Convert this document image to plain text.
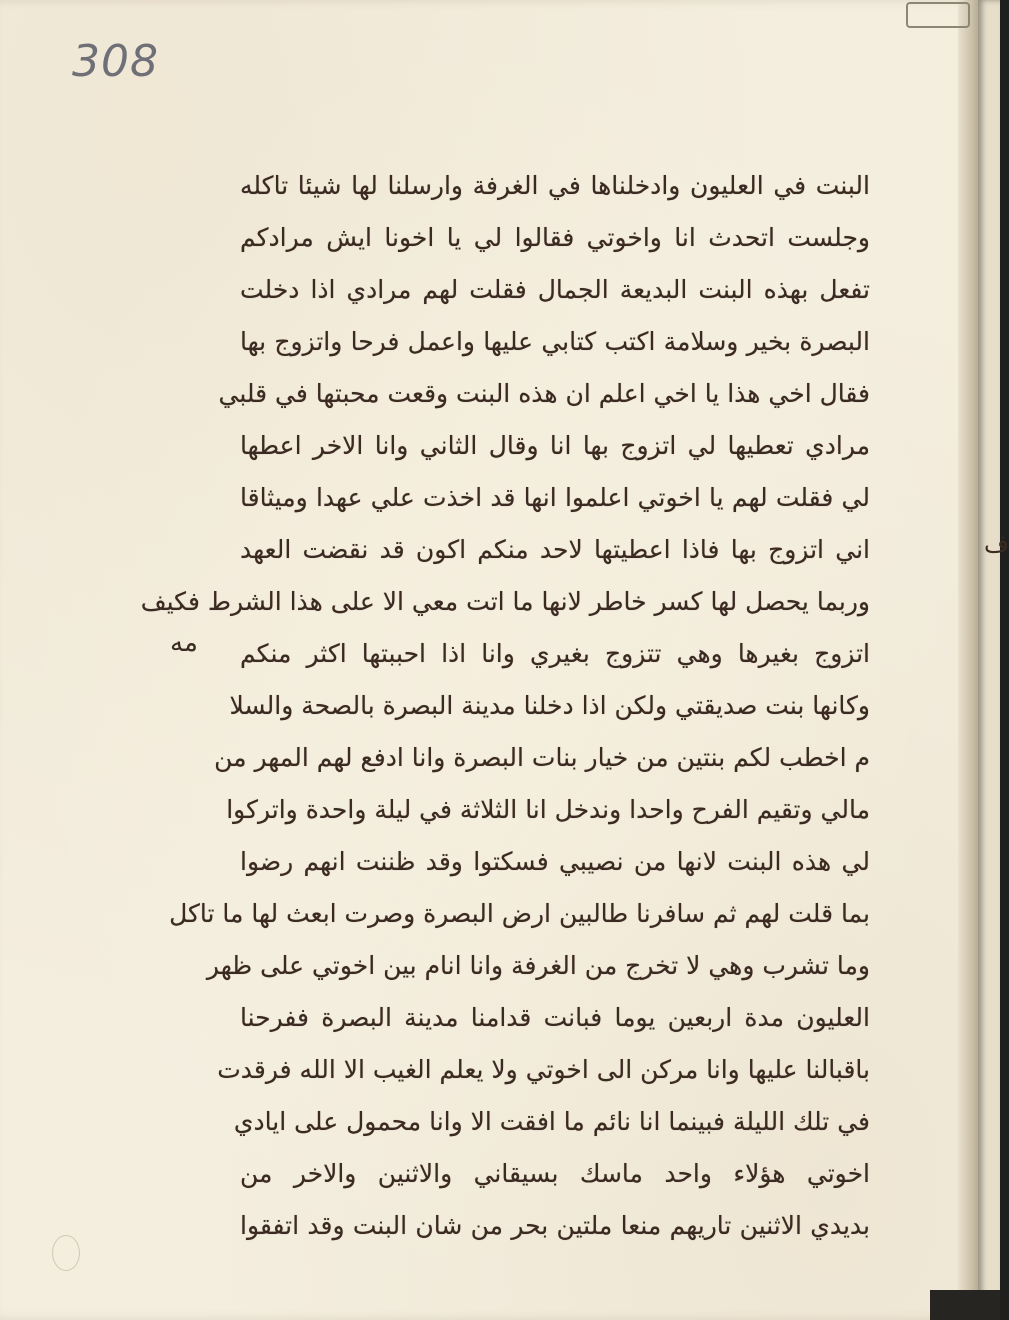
308
مه
البنت في العليون وادخلناها في الغرفة وارسلنا لها شيئا تاكله
وجلست اتحدث انا واخوتي فقالوا لي يا اخونا ايش مرادكم
تفعل بهذه البنت البديعة الجمال فقلت لهم مرادي اذا دخلت
البصرة بخير وسلامة اكتب كتابي عليها واعمل فرحا واتزوج بها
فقال اخي هذا يا اخي اعلم ان هذه البنت وقعت محبتها في قلبي
مرادي تعطيها لي اتزوج بها انا وقال الثاني وانا الاخر اعطها
لي فقلت لهم يا اخوتي اعلموا انها قد اخذت علي عهدا وميثاقا
اني اتزوج بها فاذا اعطيتها لاحد منكم اكون قد نقضت العهد
وربما يحصل لها كسر خاطر لانها ما اتت معي الا على هذا الشرط فكيف
اتزوج بغيرها وهي تتزوج بغيري وانا اذا احببتها اكثر منكم
وكانها بنت صديقتي ولكن اذا دخلنا مدينة البصرة بالصحة والسلا
م اخطب لكم بنتين من خيار بنات البصرة وانا ادفع لهم المهر من
مالي وتقيم الفرح واحدا وندخل انا الثلاثة في ليلة واحدة واتركوا
لي هذه البنت لانها من نصيبي فسكتوا وقد ظننت انهم رضوا
بما قلت لهم ثم سافرنا طالبين ارض البصرة وصرت ابعث لها ما تاكل
وما تشرب وهي لا تخرج من الغرفة وانا انام بين اخوتي على ظهر
العليون مدة اربعين يوما فبانت قدامنا مدينة البصرة ففرحنا
باقبالنا عليها وانا مركن الى اخوتي ولا يعلم الغيب الا الله فرقدت
في تلك الليلة فبينما انا نائم ما افقت الا وانا محمول على ايادي
اخوتي هؤلاء واحد ماسك بسيقاني والاثنين والاخر من
بديدي الاثنين تاريهم منعا ملتين بحر من شان البنت وقد اتفقوا
ف
